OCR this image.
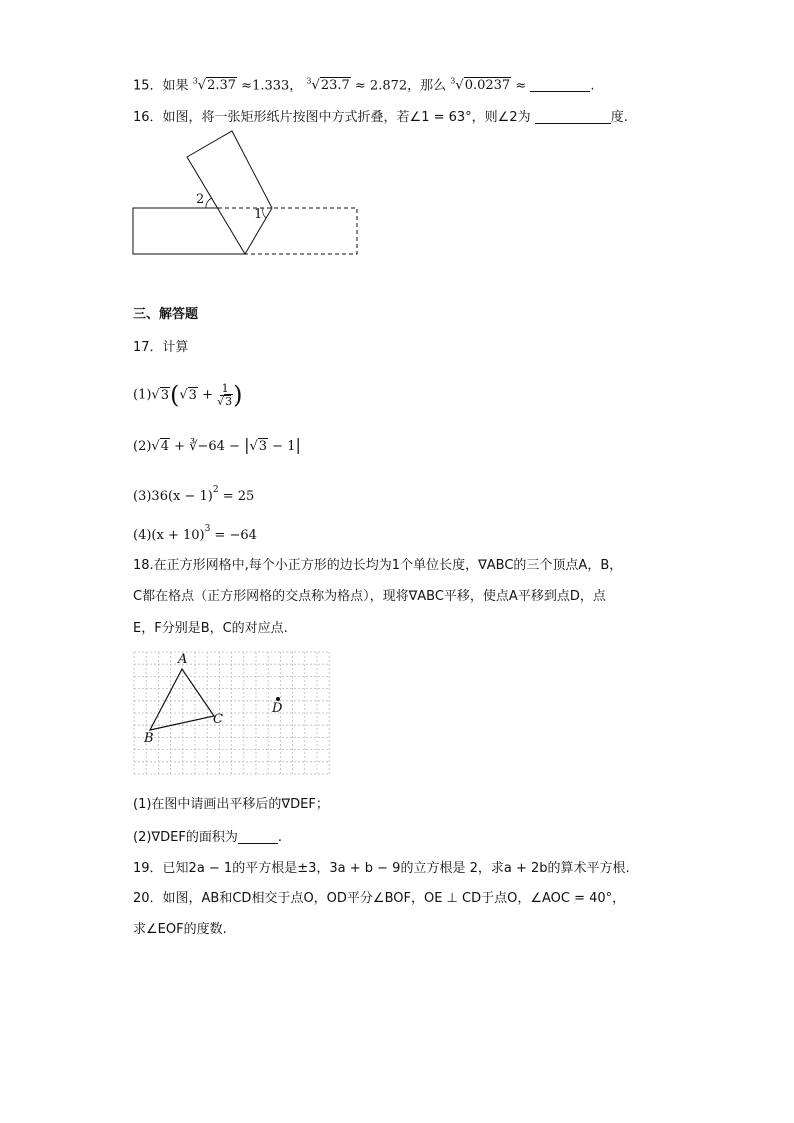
15．如果 $^3$√2.37 ≈1.333， $^3$√23.7 ≈ 2.872，那么 $^3$√0.0237 ≈	.
16．如图，将一张矩形纸片按图中方式折叠，若∠1 = 63°，则∠2为	度.
2
1
三、解答题
17．计算
$(1)√3(√3 + \frac{1}{√3}$ )
(2)√4 + ∛−64 − |√3 − 1|
$(3)36(x - 1)^2 = 25$
$(4)(x + 10)^3 = -64$
18.在正方形网格中,每个小正方形的边长均为1个单位长度，∇ABC的三个顶点A，B，
C都在格点（正方形网格的交点称为格点），现将∇ABC平移，使点A平移到点D，点
E，F分别是B，C的对应点.
A
B
C
D
(1)在图中请画出平移后的∇DEF；
(2)∇DEF的面积为	.
19．已知2a − 1的平方根是±3，3a + b − 9的立方根是 2，求a + 2b的算术平方根.
20．如图，AB和CD相交于点O，OD平分∠BOF，OE ⊥ CD于点O，∠AOC = 40°，
求∠EOF的度数.
